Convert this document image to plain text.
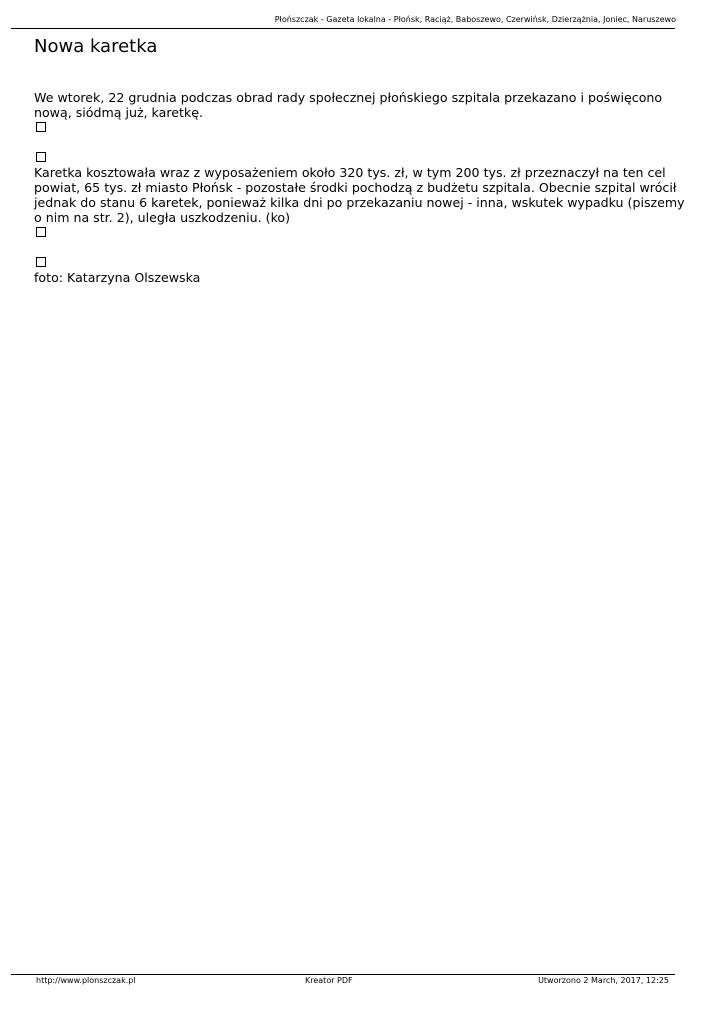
Płońszczak - Gazeta lokalna - Płońsk, Raciąż, Baboszewo, Czerwińsk, Dzierzążnia, Joniec, Naruszewo
Nowa karetka

We wtorek, 22 grudnia podczas obrad rady społecznej płońskiego szpitala przekazano i poświęcono nową, siódmą już, karetkę.

Karetka kosztowała wraz z wyposażeniem około 320 tys. zł, w tym 200 tys. zł przeznaczył na ten cel powiat, 65 tys. zł miasto Płońsk - pozostałe środki pochodzą z budżetu szpitala. Obecnie szpital wrócił jednak do stanu 6 karetek, ponieważ kilka dni po przekazaniu nowej - inna, wskutek wypadku (piszemy o nim na str. 2), uległa uszkodzeniu. (ko)

foto: Katarzyna Olszewska

http://www.plonszczak.pl	Kreator PDF	Utworzono 2 March, 2017, 12:25
